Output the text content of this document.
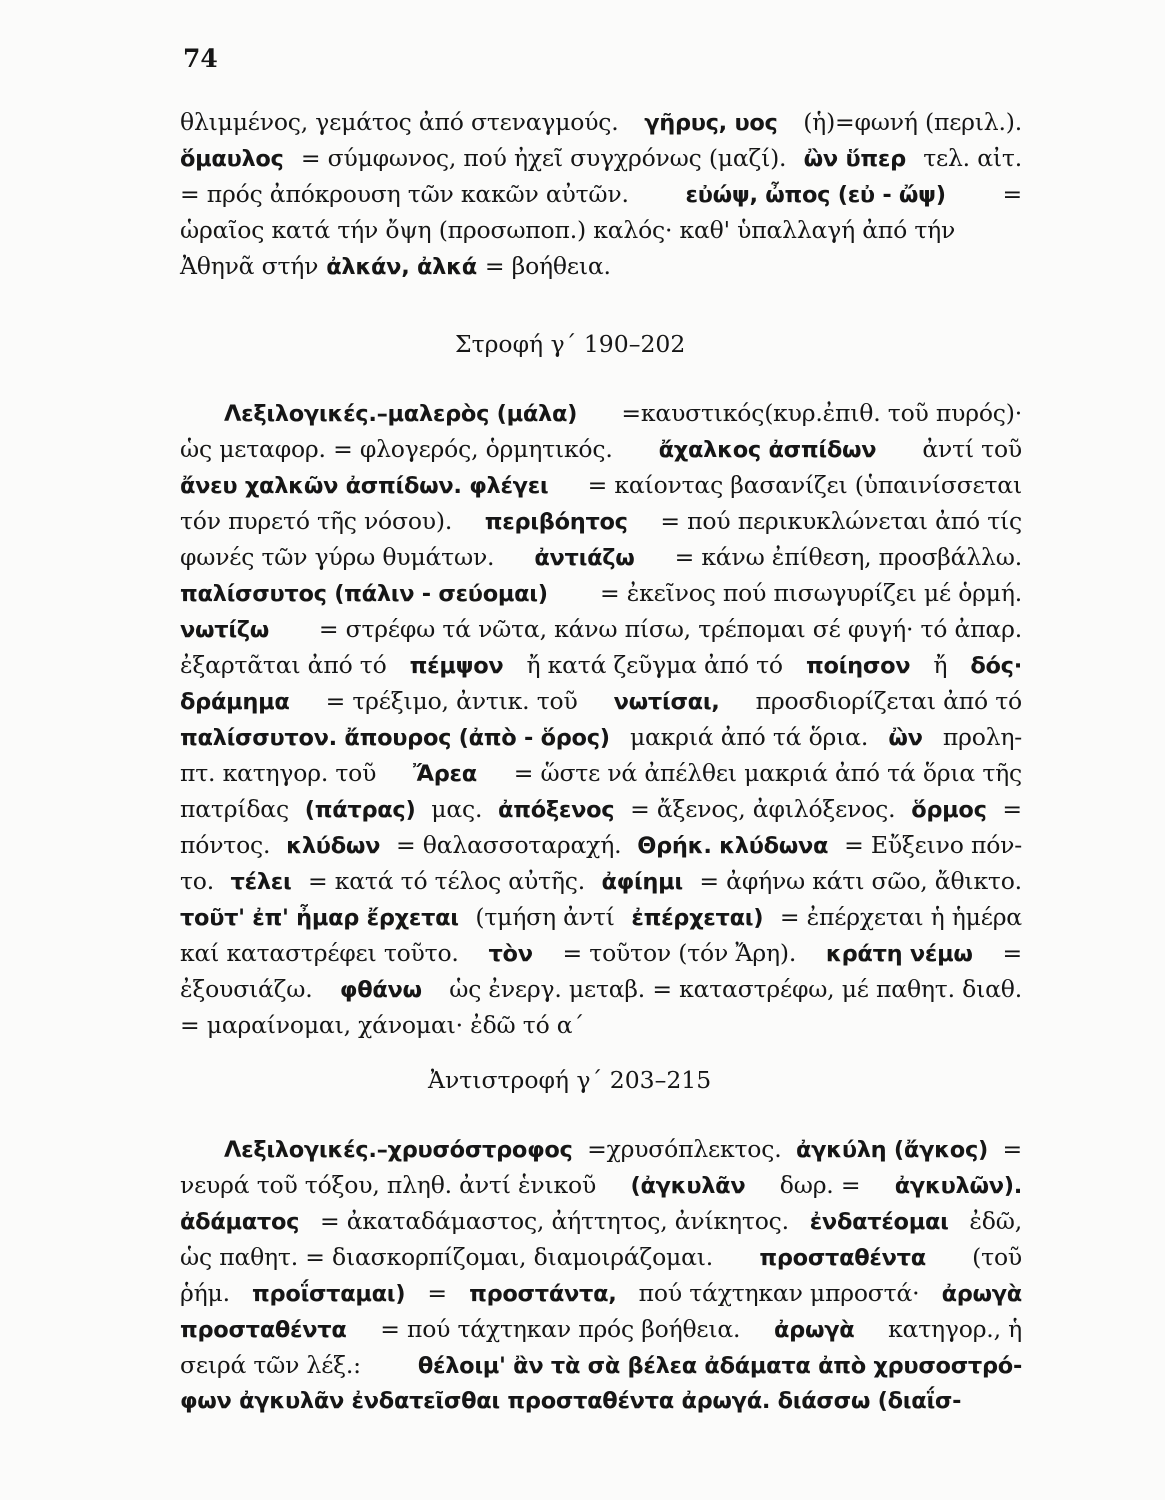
74
θλιμμένος, γεμάτος ἀπό στεναγμούς. γῆρυς, υος (ἡ)=φωνή (περιλ.).
ὅμαυλος = σύμφωνος, πού ἠχεῖ συγχρόνως (μαζί). ὢν ὕπερ τελ. αἰτ.
= πρός ἀπόκρουση τῶν κακῶν αὐτῶν.	εὐώψ, ὦπος (εὐ - ὤψ) =
ὡραῖος κατά τήν ὄψη (προσωποπ.) καλός· καθ' ὑπαλλαγή ἀπό τήν
Ἀθηνᾶ στήν ἀλκάν, ἀλκά = βοήθεια.
Στροφή γ΄ 190–202
Λεξιλογικές.–μαλερὸς (μάλα) =καυστικός(κυρ.ἐπιθ. τοῦ πυρός)·
ὡς μεταφορ. = φλογερός, ὁρμητικός. ἄχαλκος ἀσπίδων ἀντί τοῦ
ἄνευ χαλκῶν ἀσπίδων. φλέγει = καίοντας βασανίζει (ὑπαινίσσεται
τόν πυρετό τῆς νόσου). περιβόητος = πού περικυκλώνεται ἀπό τίς
φωνές τῶν γύρω θυμάτων. ἀντιάζω = κάνω ἐπίθεση, προσβάλλω.
παλίσσυτος (πάλιν - σεύομαι) = ἐκεῖνος πού πισωγυρίζει μέ ὁρμή.
νωτίζω = στρέφω τά νῶτα, κάνω πίσω, τρέπομαι σέ φυγή· τό ἀπαρ.
ἐξαρτᾶται ἀπό τό πέμψον ἤ κατά ζεῦγμα ἀπό τό ποίησον ἤ δός·
δράμημα = τρέξιμο, ἀντικ. τοῦ νωτίσαι, προσδιορίζεται ἀπό τό
παλίσσυτον. ἄπουρος (ἀπὸ - ὅρος) μακριά ἀπό τά ὅρια. ὢν προλη-
πτ. κατηγορ. τοῦ Ἄρεα = ὥστε νά ἀπέλθει μακριά ἀπό τά ὅρια τῆς
πατρίδας (πάτρας) μας. ἀπόξενος = ἄξενος, ἀφιλόξενος. ὅρμος =
πόντος. κλύδων = θαλασσοταραχή. Θρήκ. κλύδωνα = Εὔξεινο πόν-
το. τέλει = κατά τό τέλος αὐτῆς. ἀφίημι = ἀφήνω κάτι σῶο, ἄθικτο.
τοῦτ' ἐπ' ἦμαρ ἔρχεται (τμήση ἀντί ἐπέρχεται) = ἐπέρχεται ἡ ἡμέρα
καί καταστρέφει τοῦτο. τὸν = τοῦτον (τόν Ἄρη). κράτη νέμω =
ἐξουσιάζω. φθάνω ὡς ἐνεργ. μεταβ. = καταστρέφω, μέ παθητ. διαθ.
= μαραίνομαι, χάνομαι· ἐδῶ τό α΄
Ἀντιστροφή γ΄ 203–215
Λεξιλογικές.–χρυσόστροφος =χρυσόπλεκτος. ἀγκύλη (ἄγκος) =
νευρά τοῦ τόξου, πληθ. ἀντί ἑνικοῦ (ἀγκυλᾶν δωρ. = ἀγκυλῶν).
ἀδάματος = ἀκαταδάμαστος, ἀήττητος, ἀνίκητος. ἐνδατέομαι ἐδῶ,
ὡς παθητ. = διασκορπίζομαι, διαμοιράζομαι. προσταθέντα (τοῦ
ῥήμ. προΐσταμαι) = προστάντα, πού τάχτηκαν μπροστά· ἀρωγὰ
προσταθέντα = πού τάχτηκαν πρός βοήθεια. ἀρωγὰ κατηγορ., ἡ
σειρά τῶν λέξ.:	θέλοιμ' ἂν τὰ σὰ βέλεα ἀδάματα ἀπὸ χρυσοστρό-
φων ἀγκυλᾶν ἐνδατεῖσθαι προσταθέντα ἀρωγά. διάσσω (διαΐσ-
